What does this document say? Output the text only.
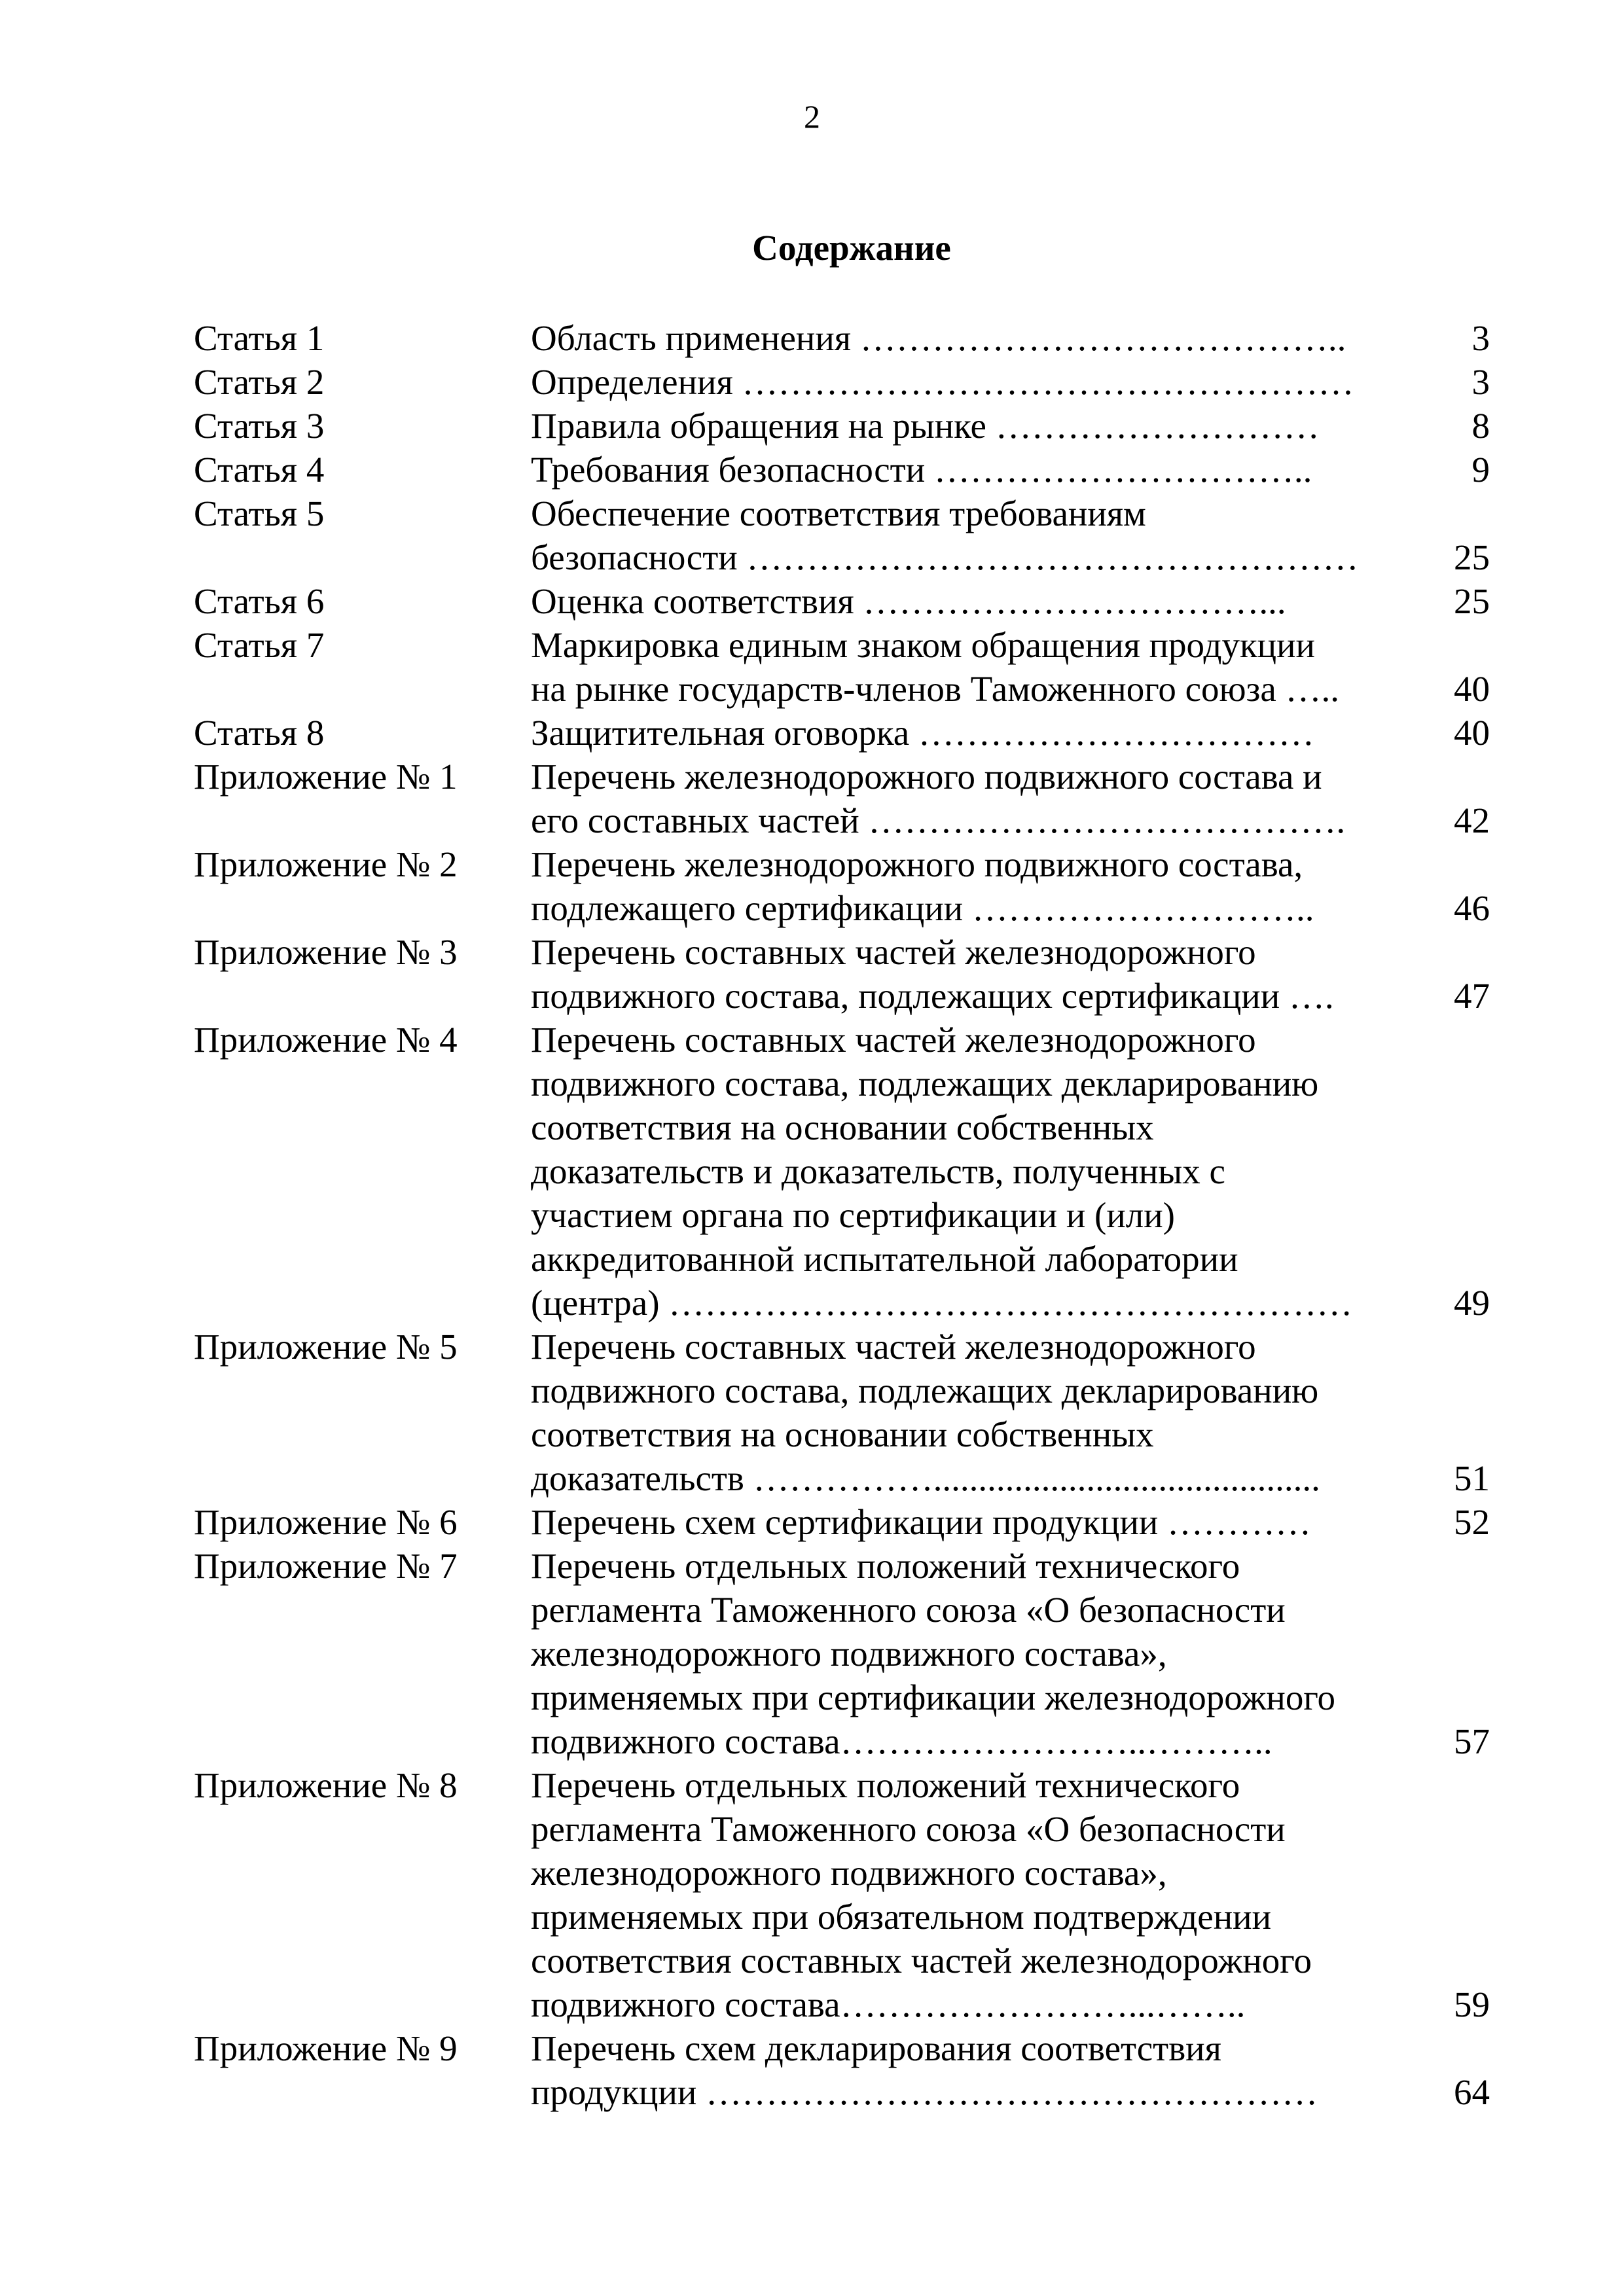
2
Содержание
Статья 1	Область применения …………………………………..	3
Статья 2	Определения ……………………………………………	3
Статья 3	Правила обращения на рынке ………………………	8
Статья 4	Требования безопасности …………………………..	9
Статья 5	Обеспечение соответствия требованиям
безопасности ……………………………………………	25
Статья 6	Оценка соответствия ……………………………...	25
Статья 7	Маркировка единым знаком обращения продукции
на рынке государств-членов Таможенного союза …..	40
Статья 8	Защитительная оговорка ……………………………	40
Приложение № 1	Перечень железнодорожного подвижного состава и
его составных частей ………………………………….	42
Приложение № 2	Перечень железнодорожного подвижного состава,
подлежащего сертификации ………………………..	46
Приложение № 3	Перечень составных частей железнодорожного
подвижного состава, подлежащих сертификации ….	47
Приложение № 4	Перечень составных частей железнодорожного
подвижного состава, подлежащих декларированию
соответствия на основании собственных
доказательств и доказательств, полученных с
участием органа по сертификации и (или)
аккредитованной испытательной лаборатории
(центра) …………………………………………………	49
Приложение № 5	Перечень составных частей железнодорожного
подвижного состава, подлежащих декларированию
соответствия на основании собственных
доказательств ……………...........................................	51
Приложение № 6	Перечень схем сертификации продукции …………	52
Приложение № 7	Перечень отдельных положений технического
регламента Таможенного союза «О безопасности
железнодорожного подвижного состава»,
применяемых при сертификации железнодорожного
подвижного состава……………………..………..	57
Приложение № 8	Перечень отдельных положений технического
регламента Таможенного союза «О безопасности
железнодорожного подвижного состава»,
применяемых при обязательном подтверждении
соответствия составных частей железнодорожного
подвижного состава……………………...……..	59
Приложение № 9	Перечень схем декларирования соответствия
продукции ……………………………………………	64
